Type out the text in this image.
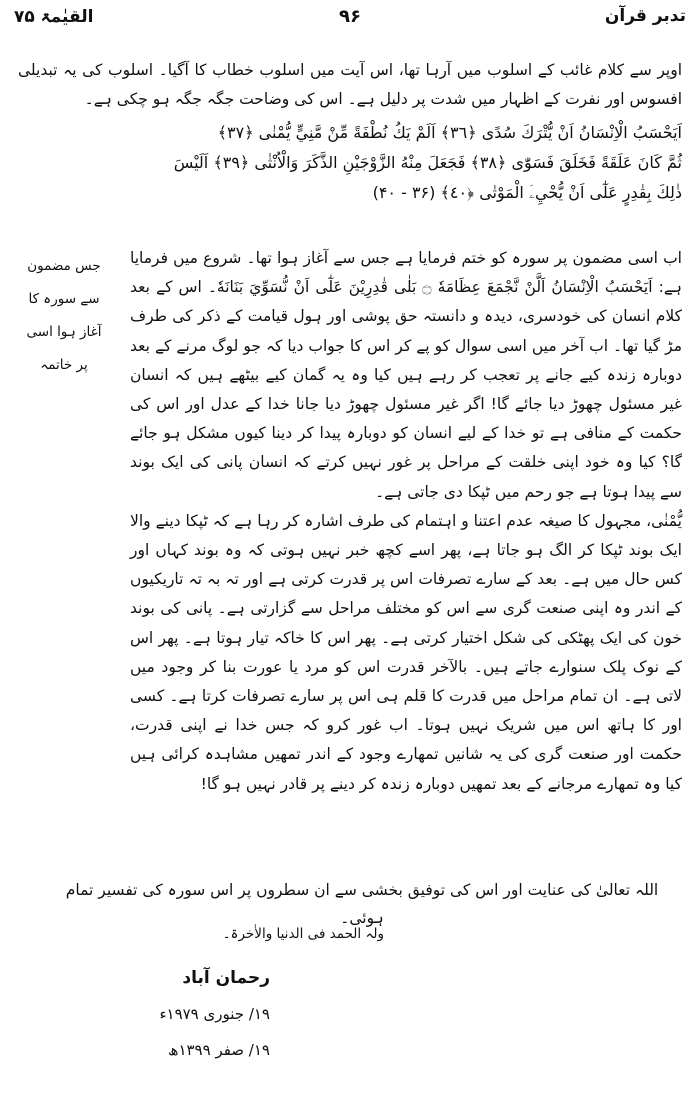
القیٰمۃ ۷۵	۹۶	تدبر قرآن

اوپر سے کلام غائب کے اسلوب میں آرہا تھا، اس آیت میں اسلوب خطاب کا آگیا۔ اسلوب کی یہ تبدیلی افسوس اور نفرت کے اظہار میں شدت پر دلیل ہے۔ اس کی وضاحت جگہ جگہ ہو چکی ہے۔

اَيَحْسَبُ الْاِنْسَانُ اَنْ يُّتْرَكَ سُدًى ﴿٣٦﴾ اَلَمْ يَكُ نُطْفَةً مِّنْ مَّنِيٍّ يُّمْنٰى ﴿٣٧﴾
ثُمَّ كَانَ عَلَقَةً فَخَلَقَ فَسَوّٰى ﴿٣٨﴾ فَجَعَلَ مِنْهُ الزَّوْجَيْنِ الذَّكَرَ وَالْاُنْثٰى ﴿٣٩﴾ اَلَيْسَ
ذٰلِكَ بِقٰدِرٍ عَلٰٓى اَنْ يُّحْيِۦَ الْمَوْتٰى ﴿٤٠﴾ (۳۶ - ۴۰)
جس مضمون
سے سورہ کا
آغاز ہوا اسی
پر خاتمہ

اب اسی مضمون پر سورہ کو ختم فرمایا ہے جس سے آغاز ہوا تھا۔ شروع میں فرمایا ہے: اَيَحْسَبُ الْاِنْسَانُ اَلَّنْ نَّجْمَعَ عِظَامَهٗ ۝ بَلٰى قٰدِرِيْنَ عَلٰٓى اَنْ نُّسَوِّيَ بَنَانَهٗ۔ اس کے بعد کلام انسان کی خودسری، دیدہ و دانستہ حق پوشی اور ہول قیامت کے ذکر کی طرف مڑ گیا تھا۔ اب آخر میں اسی سوال کو پے کر اس کا جواب دیا کہ جو لوگ مرنے کے بعد دوبارہ زندہ کیے جانے پر تعجب کر رہے ہیں کیا وہ یہ گمان کیے بیٹھے ہیں کہ انسان غیر مسئول چھوڑ دیا جائے گا! اگر غیر مسئول چھوڑ دیا جانا خدا کے عدل اور اس کی حکمت کے منافی ہے تو خدا کے لیے انسان کو دوبارہ پیدا کر دینا کیوں مشکل ہو جائے گا؟ کیا وہ خود اپنی خلقت کے مراحل پر غور نہیں کرتے کہ انسان پانی کی ایک بوند سے پیدا ہوتا ہے جو رحم میں ٹپکا دی جاتی ہے۔

يُّمْنٰى، مجہول کا صیغہ عدم اعتنا و اہتمام کی طرف اشارہ کر رہا ہے کہ ٹپکا دینے والا ایک بوند ٹپکا کر الگ ہو جاتا ہے، پھر اسے کچھ خبر نہیں ہوتی کہ وہ بوند کہاں اور کس حال میں ہے۔ بعد کے سارے تصرفات اس پر قدرت کرتی ہے اور تہ بہ تہ تاریکیوں کے اندر وہ اپنی صنعت گری سے اس کو مختلف مراحل سے گزارتی ہے۔ پانی کی بوند خون کی ایک پھٹکی کی شکل اختیار کرتی ہے۔ پھر اس کا خاکہ تیار ہوتا ہے۔ پھر اس کے نوک پلک سنوارے جاتے ہیں۔ بالآخر قدرت اس کو مرد یا عورت بنا کر وجود میں لاتی ہے۔ ان تمام مراحل میں قدرت کا قلم ہی اس پر سارے تصرفات کرتا ہے۔ کسی اور کا ہاتھ اس میں شریک نہیں ہوتا۔ اب غور کرو کہ جس خدا نے اپنی قدرت، حکمت اور صنعت گری کی یہ شانیں تمھارے وجود کے اندر تمھیں مشاہدہ کرائی ہیں کیا وہ تمھارے مرجانے کے بعد تمھیں دوبارہ زندہ کر دینے پر قادر نہیں ہو گا!

اللہ تعالیٰ کی عنایت اور اس کی توفیق بخشی سے ان سطروں پر اس سورہ کی تفسیر تمام ہوئی۔
ولہ الحمد فی الدنیا والاٰخرۃ۔
رحمان آباد
۱۹/ جنوری ۱۹۷۹ء
۱۹/ صفر ۱۳۹۹ھ
